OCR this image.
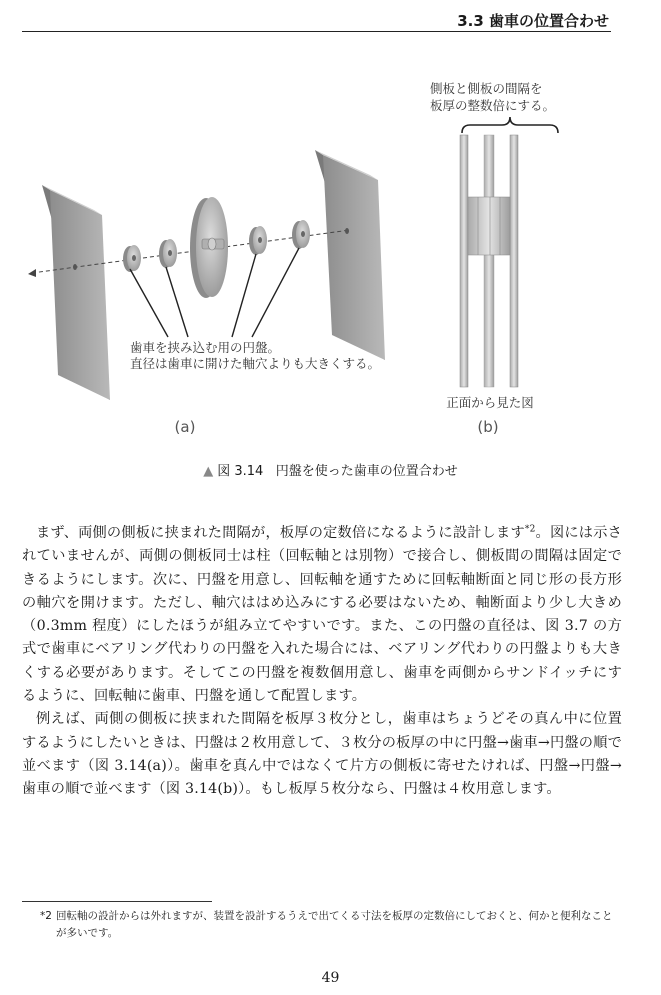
3.3 歯車の位置合わせ
歯車を挟み込む用の円盤。
直径は歯車に開けた軸穴よりも大きくする。
(a)
側板と側板の間隔を
板厚の整数倍にする。
正面から見た図
(b)
▲ 図 3.14 円盤を使った歯車の位置合わせ

まず、両側の側板に挟まれた間隔が，板厚の定数倍になるように設計します$^{*2}$。図には示されていませんが、両側の側板同士は柱（回転軸とは別物）で接合し、側板間の間隔は固定できるようにします。次に、円盤を用意し、回転軸を通すために回転軸断面と同じ形の長方形の軸穴を開けます。ただし、軸穴ははめ込みにする必要はないため、軸断面より少し大きめ（0.3mm 程度）にしたほうが組み立てやすいです。また、この円盤の直径は、図 3.7 の方式で歯車にベアリング代わりの円盤を入れた場合には、ベアリング代わりの円盤よりも大きくする必要があります。そしてこの円盤を複数個用意し、歯車を両側からサンドイッチにするように、回転軸に歯車、円盤を通して配置します。

例えば、両側の側板に挟まれた間隔を板厚３枚分とし，歯車はちょうどその真ん中に位置するようにしたいときは、円盤は２枚用意して、３枚分の板厚の中に円盤→歯車→円盤の順で並べます（図 3.14(a)）。歯車を真ん中ではなくて片方の側板に寄せたければ、円盤→円盤→歯車の順で並べます（図 3.14(b)）。もし板厚５枚分なら、円盤は４枚用意します。

*2 回転軸の設計からは外れますが、装置を設計するうえで出てくる寸法を板厚の定数倍にしておくと、何かと便利なことが多いです。
49
